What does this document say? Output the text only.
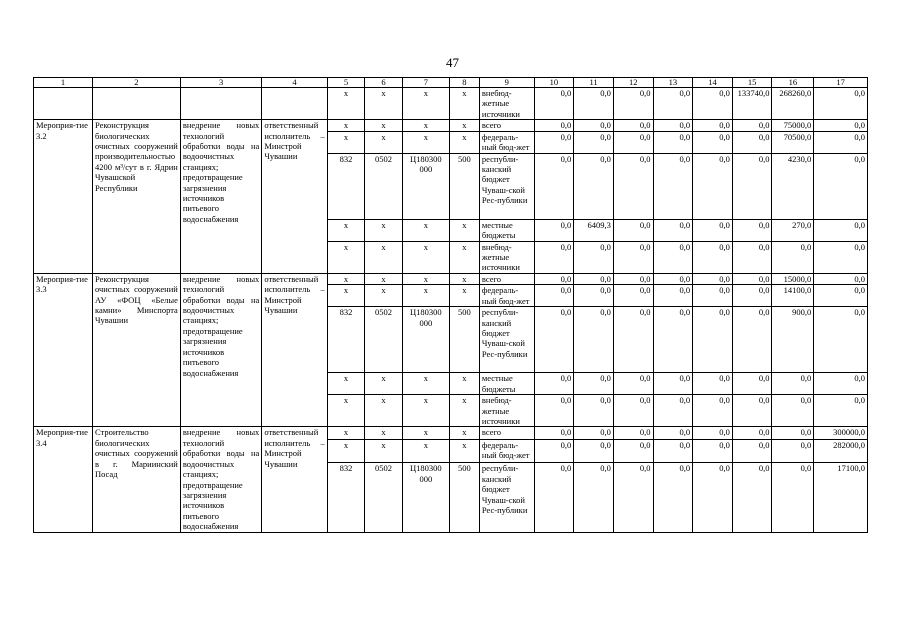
47
1	2	3	4	5	6	7	8	9	10	11	12	13	14	15	16	17
				x	x	x	x	внебюд-жетные источники	0,0	0,0	0,0	0,0	0,0	133740,0	268260,0	0,0
Мероприя-тие 3.2	Реконструкция биологических очистных сооружений производительностью 4200 м³/сут в г. Ядрин Чувашской Республики	внедрение новых технологий обработки воды на водоочистных станциях; предотвращение загрязнения источников питьевого водоснабжения	ответственный исполнитель – Минстрой Чувашии	x	x	x	x	всего	0,0	0,0	0,0	0,0	0,0	0,0	75000,0	0,0
				x	x	x	x	федераль-ный бюд-жет	0,0	0,0	0,0	0,0	0,0	0,0	70500,0	0,0
				832	0502	Ц180300 000	500	республи-канский бюджет Чуваш-ской Рес-публики	0,0	0,0	0,0	0,0	0,0	0,0	4230,0	0,0
				x	x	x	x	местные бюджеты	0,0	6409,3	0,0	0,0	0,0	0,0	270,0	0,0
				x	x	x	x	внебюд-жетные источники	0,0	0,0	0,0	0,0	0,0	0,0	0,0	0,0
Мероприя-тие 3.3	Реконструкция очистных сооружений АУ «ФОЦ «Белые камни» Минспорта Чувашии	внедрение новых технологий обработки воды на водоочистных станциях; предотвращение загрязнения источников питьевого водоснабжения	ответственный исполнитель – Минстрой Чувашии	x	x	x	x	всего	0,0	0,0	0,0	0,0	0,0	0,0	15000,0	0,0
				x	x	x	x	федераль-ный бюд-жет	0,0	0,0	0,0	0,0	0,0	0,0	14100,0	0,0
				832	0502	Ц180300 000	500	республи-канский бюджет Чуваш-ской Рес-публики	0,0	0,0	0,0	0,0	0,0	0,0	900,0	0,0
				x	x	x	x	местные бюджеты	0,0	0,0	0,0	0,0	0,0	0,0	0,0	0,0
				x	x	x	x	внебюд-жетные источники	0,0	0,0	0,0	0,0	0,0	0,0	0,0	0,0
Мероприя-тие 3.4	Строительство биологических очистных сооружений в г. Мариинский Посад	внедрение новых технологий обработки воды на водоочистных станциях; предотвращение загрязнения источников питьевого водоснабжения	ответственный исполнитель – Минстрой Чувашии	x	x	x	x	всего	0,0	0,0	0,0	0,0	0,0	0,0	0,0	300000,0
				x	x	x	x	федераль-ный бюд-жет	0,0	0,0	0,0	0,0	0,0	0,0	0,0	282000,0
				832	0502	Ц180300 000	500	республи-канский бюджет Чуваш-ской Рес-публики	0,0	0,0	0,0	0,0	0,0	0,0	0,0	17100,0
